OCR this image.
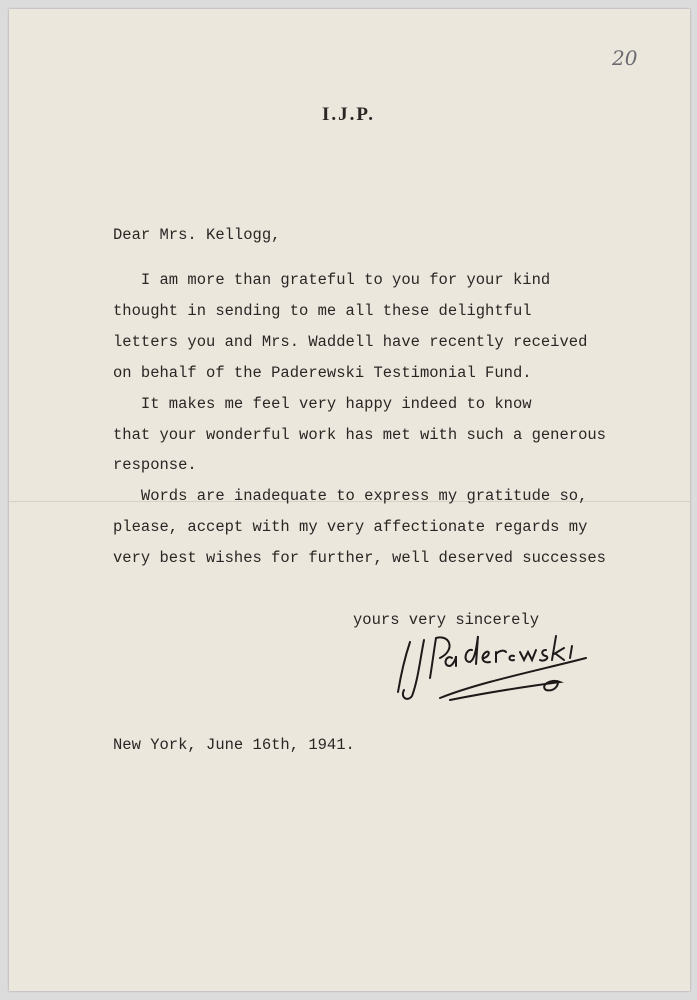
20
I.J.P.
Dear Mrs. Kellogg,
I am more than grateful to you for your kind
thought in sending to me all these delightful
letters you and Mrs. Waddell have recently received
on behalf of the Paderewski Testimonial Fund.
It makes me feel very happy indeed to know
that your wonderful work has met with such a generous
response.
Words are inadequate to express my gratitude so,
please, accept with my very affectionate regards my
very best wishes for further, well deserved successes
yours very sincerely
New York, June 16th, 1941.
